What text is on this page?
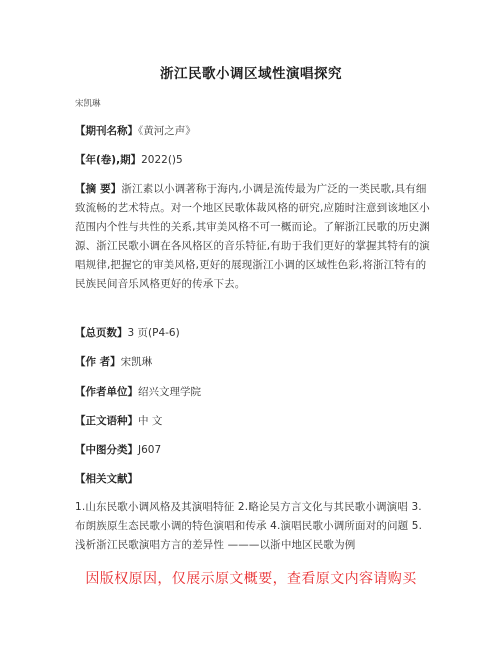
浙江民歌小调区域性演唱探究
宋凯琳
【期刊名称】《黄河之声》
【年(卷),期】2022()5
【摘 要】浙江素以小调著称于海内,小调是流传最为广泛的一类民歌,具有细致流畅的艺术特点。对一个地区民歌体裁风格的研究,应随时注意到该地区小范围内个性与共性的关系,其审美风格不可一概而论。了解浙江民歌的历史渊源、浙江民歌小调在各风格区的音乐特征,有助于我们更好的掌握其特有的演唱规律,把握它的审美风格,更好的展现浙江小调的区域性色彩,将浙江特有的民族民间音乐风格更好的传承下去。
【总页数】3 页(P4-6)
【作 者】宋凯琳
【作者单位】绍兴文理学院
【正文语种】中 文
【中图分类】J607
【相关文献】
1.山东民歌小调风格及其演唱特征 2.略论吴方言文化与其民歌小调演唱 3.布朗族原生态民歌小调的特色演唱和传承 4.演唱民歌小调所面对的问题 5.浅析浙江民歌演唱方言的差异性 ———以浙中地区民歌为例
因版权原因，仅展示原文概要，查看原文内容请购买
